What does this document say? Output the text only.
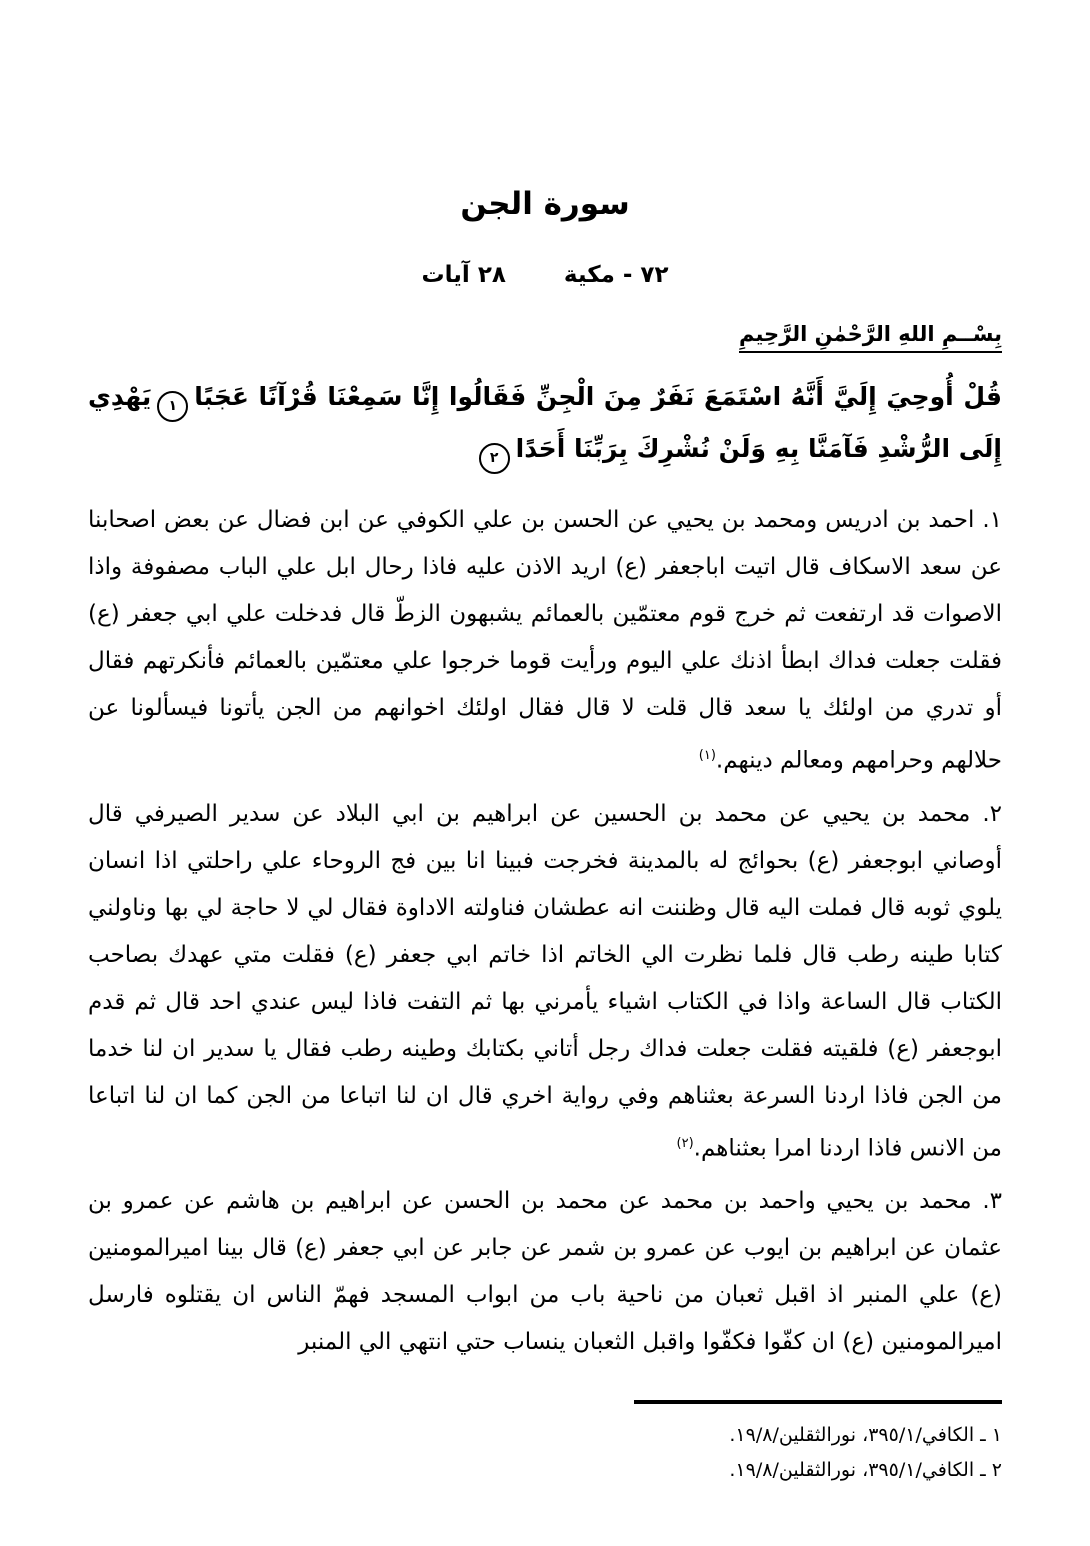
سورة الجن
٧٢ - مكية
٢٨ آيات
بِسْــمِ اللهِ الرَّحْمٰنِ الرَّحِيمِ
قُلْ أُوحِيَ إِلَيَّ أَنَّهُ اسْتَمَعَ نَفَرٌ مِنَ الْجِنِّ فَقَالُوا إِنَّا سَمِعْنَا قُرْآنًا عَجَبًا١يَهْدِي إِلَى الرُّشْدِ فَآمَنَّا بِهِ وَلَنْ نُشْرِكَ بِرَبِّنَا أَحَدًا٢

١. احمد بن ادريس ومحمد بن يحيي عن الحسن بن علي الكوفي عن ابن فضال عن بعض اصحابنا عن سعد الاسكاف قال اتيت اباجعفر (ع) اريد الاذن عليه فاذا رحال ابل علي الباب مصفوفة واذا الاصوات قد ارتفعت ثم خرج قوم معتمّين بالعمائم يشبهون الزطّ قال فدخلت علي ابي جعفر (ع) فقلت جعلت فداك ابطأ اذنك علي اليوم ورأيت قوما خرجوا علي معتمّين بالعمائم فأنكرتهم فقال أو تدري من اولئك يا سعد قال قلت لا قال فقال اولئك اخوانهم من الجن يأتونا فيسألونا عن حلالهم وحرامهم ومعالم دينهم.$^{(١)}$

٢. محمد بن يحيي عن محمد بن الحسين عن ابراهيم بن ابي البلاد عن سدير الصيرفي قال أوصاني ابوجعفر (ع) بحوائج له بالمدينة فخرجت فبينا انا بين فج الروحاء علي راحلتي اذا انسان يلوي ثوبه قال فملت اليه قال وظننت انه عطشان فناولته الاداوة فقال لي لا حاجة لي بها وناولني كتابا طينه رطب قال فلما نظرت الي الخاتم اذا خاتم ابي جعفر (ع) فقلت متي عهدك بصاحب الكتاب قال الساعة واذا في الكتاب اشياء يأمرني بها ثم التفت فاذا ليس عندي احد قال ثم قدم ابوجعفر (ع) فلقيته فقلت جعلت فداك رجل أتاني بكتابك وطينه رطب فقال يا سدير ان لنا خدما من الجن فاذا اردنا السرعة بعثناهم وفي رواية اخري قال ان لنا اتباعا من الجن كما ان لنا اتباعا من الانس فاذا اردنا امرا بعثناهم.$^{(٢)}$

٣. محمد بن يحيي واحمد بن محمد عن محمد بن الحسن عن ابراهيم بن هاشم عن عمرو بن عثمان عن ابراهيم بن ايوب عن عمرو بن شمر عن جابر عن ابي جعفر (ع) قال بينا اميرالمومنين (ع) علي المنبر اذ اقبل ثعبان من ناحية باب من ابواب المسجد فهمّ الناس ان يقتلوه فارسل اميرالمومنين (ع) ان كفّوا فكفّوا واقبل الثعبان ينساب حتي انتهي الي المنبر

١ ـ الكافي/٣٩٥/١، نورالثقلين/١٩/٨.

٢ ـ الكافي/٣٩٥/١، نورالثقلين/١٩/٨.
